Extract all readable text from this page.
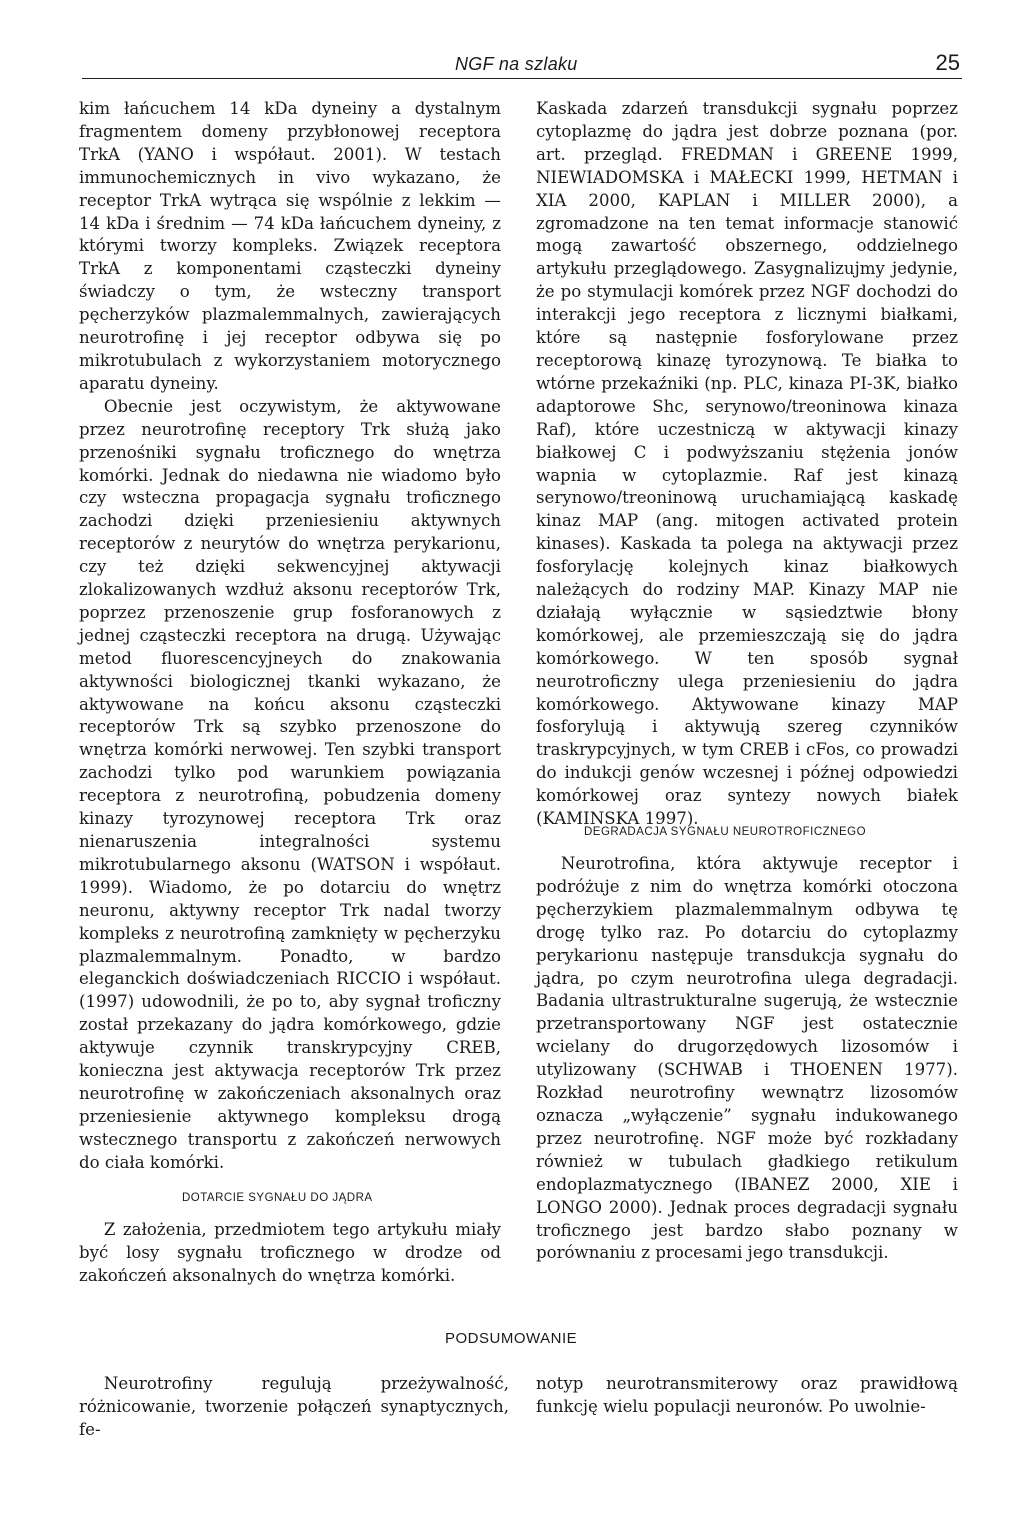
NGF na szlaku	25

kim łańcuchem 14 kDa dyneiny a dystalnym fragmentem domeny przybłonowej receptora TrkA (YANO i współaut. 2001). W testach immunochemicznych in vivo wykazano, że receptor TrkA wytrąca się wspólnie z lekkim — 14 kDa i średnim — 74 kDa łańcuchem dyneiny, z którymi tworzy kompleks. Związek receptora TrkA z komponentami cząsteczki dyneiny świadczy o tym, że wsteczny transport pęcherzyków plazmalemmalnych, zawierających neurotrofinę i jej receptor odbywa się po mikrotubulach z wykorzystaniem motorycznego aparatu dyneiny.

Obecnie jest oczywistym, że aktywowane przez neurotrofinę receptory Trk służą jako przenośniki sygnału troficznego do wnętrza komórki. Jednak do niedawna nie wiadomo było czy wsteczna propagacja sygnału troficznego zachodzi dzięki przeniesieniu aktywnych receptorów z neurytów do wnętrza perykarionu, czy też dzięki sekwencyjnej aktywacji zlokalizowanych wzdłuż aksonu receptorów Trk, poprzez przenoszenie grup fosforanowych z jednej cząsteczki receptora na drugą. Używając metod fluorescencyjneych do znakowania aktywności biologicznej tkanki wykazano, że aktywowane na końcu aksonu cząsteczki receptorów Trk są szybko przenoszone do wnętrza komórki nerwowej. Ten szybki transport zachodzi tylko pod warunkiem powiązania receptora z neurotrofiną, pobudzenia domeny kinazy tyrozynowej receptora Trk oraz nienaruszenia integralności systemu mikrotubularnego aksonu (WATSON i współaut. 1999). Wiadomo, że po dotarciu do wnętrz neuronu, aktywny receptor Trk nadal tworzy kompleks z neurotrofiną zamknięty w pęcherzyku plazmalemmalnym. Ponadto, w bardzo eleganckich doświadczeniach RICCIO i współaut. (1997) udowodnili, że po to, aby sygnał troficzny został przekazany do jądra komórkowego, gdzie aktywuje czynnik transkrypcyjny CREB, konieczna jest aktywacja receptorów Trk przez neurotrofinę w zakończeniach aksonalnych oraz przeniesienie aktywnego kompleksu drogą wstecznego transportu z zakończeń nerwowych do ciała komórki.

DOTARCIE SYGNAŁU DO JĄDRA

Z założenia, przedmiotem tego artykułu miały być losy sygnału troficznego w drodze od zakończeń aksonalnych do wnętrza komórki.

Kaskada zdarzeń transdukcji sygnału poprzez cytoplazmę do jądra jest dobrze poznana (por. art. przegląd. FREDMAN i GREENE 1999, NIEWIADOMSKA i MAŁECKI 1999, HETMAN i XIA 2000, KAPLAN i MILLER 2000), a zgromadzone na ten temat informacje stanowić mogą zawartość obszernego, oddzielnego artykułu przeglądowego. Zasygnalizujmy jedynie, że po stymulacji komórek przez NGF dochodzi do interakcji jego receptora z licznymi białkami, które są następnie fosforylowane przez receptorową kinazę tyrozynową. Te białka to wtórne przekaźniki (np. PLC, kinaza PI-3K, białko adaptorowe Shc, serynowo/treoninowa kinaza Raf), które uczestniczą w aktywacji kinazy białkowej C i podwyższaniu stężenia jonów wapnia w cytoplazmie. Raf jest kinazą serynowo/treoninową uruchamiającą kaskadę kinaz MAP (ang. mitogen activated protein kinases). Kaskada ta polega na aktywacji przez fosforylację kolejnych kinaz białkowych należących do rodziny MAP. Kinazy MAP nie działają wyłącznie w sąsiedztwie błony komórkowej, ale przemieszczają się do jądra komórkowego. W ten sposób sygnał neurotroficzny ulega przeniesieniu do jądra komórkowego. Aktywowane kinazy MAP fosforylują i aktywują szereg czynników traskrypcyjnych, w tym CREB i cFos, co prowadzi do indukcji genów wczesnej i późnej odpowiedzi komórkowej oraz syntezy nowych białek (KAMINSKA 1997).

DEGRADACJA SYGNAŁU NEUROTROFICZNEGO

Neurotrofina, która aktywuje receptor i podróżuje z nim do wnętrza komórki otoczona pęcherzykiem plazmalemmalnym odbywa tę drogę tylko raz. Po dotarciu do cytoplazmy perykarionu następuje transdukcja sygnału do jądra, po czym neurotrofina ulega degradacji. Badania ultrastrukturalne sugerują, że wstecznie przetransportowany NGF jest ostatecznie wcielany do drugorzędowych lizosomów i utylizowany (SCHWAB i THOENEN 1977). Rozkład neurotrofiny wewnątrz lizosomów oznacza „wyłączenie” sygnału indukowanego przez neurotrofinę. NGF może być rozkładany również w tubulach gładkiego retikulum endoplazmatycznego (IBANEZ 2000, XIE i LONGO 2000). Jednak proces degradacji sygnału troficznego jest bardzo słabo poznany w porównaniu z procesami jego transdukcji.

PODSUMOWANIE

Neurotrofiny regulują przeżywalność, różnicowanie, tworzenie połączeń synaptycznych, fe-

notyp neurotransmiterowy oraz prawidłową funkcję wielu populacji neuronów. Po uwolnie-
